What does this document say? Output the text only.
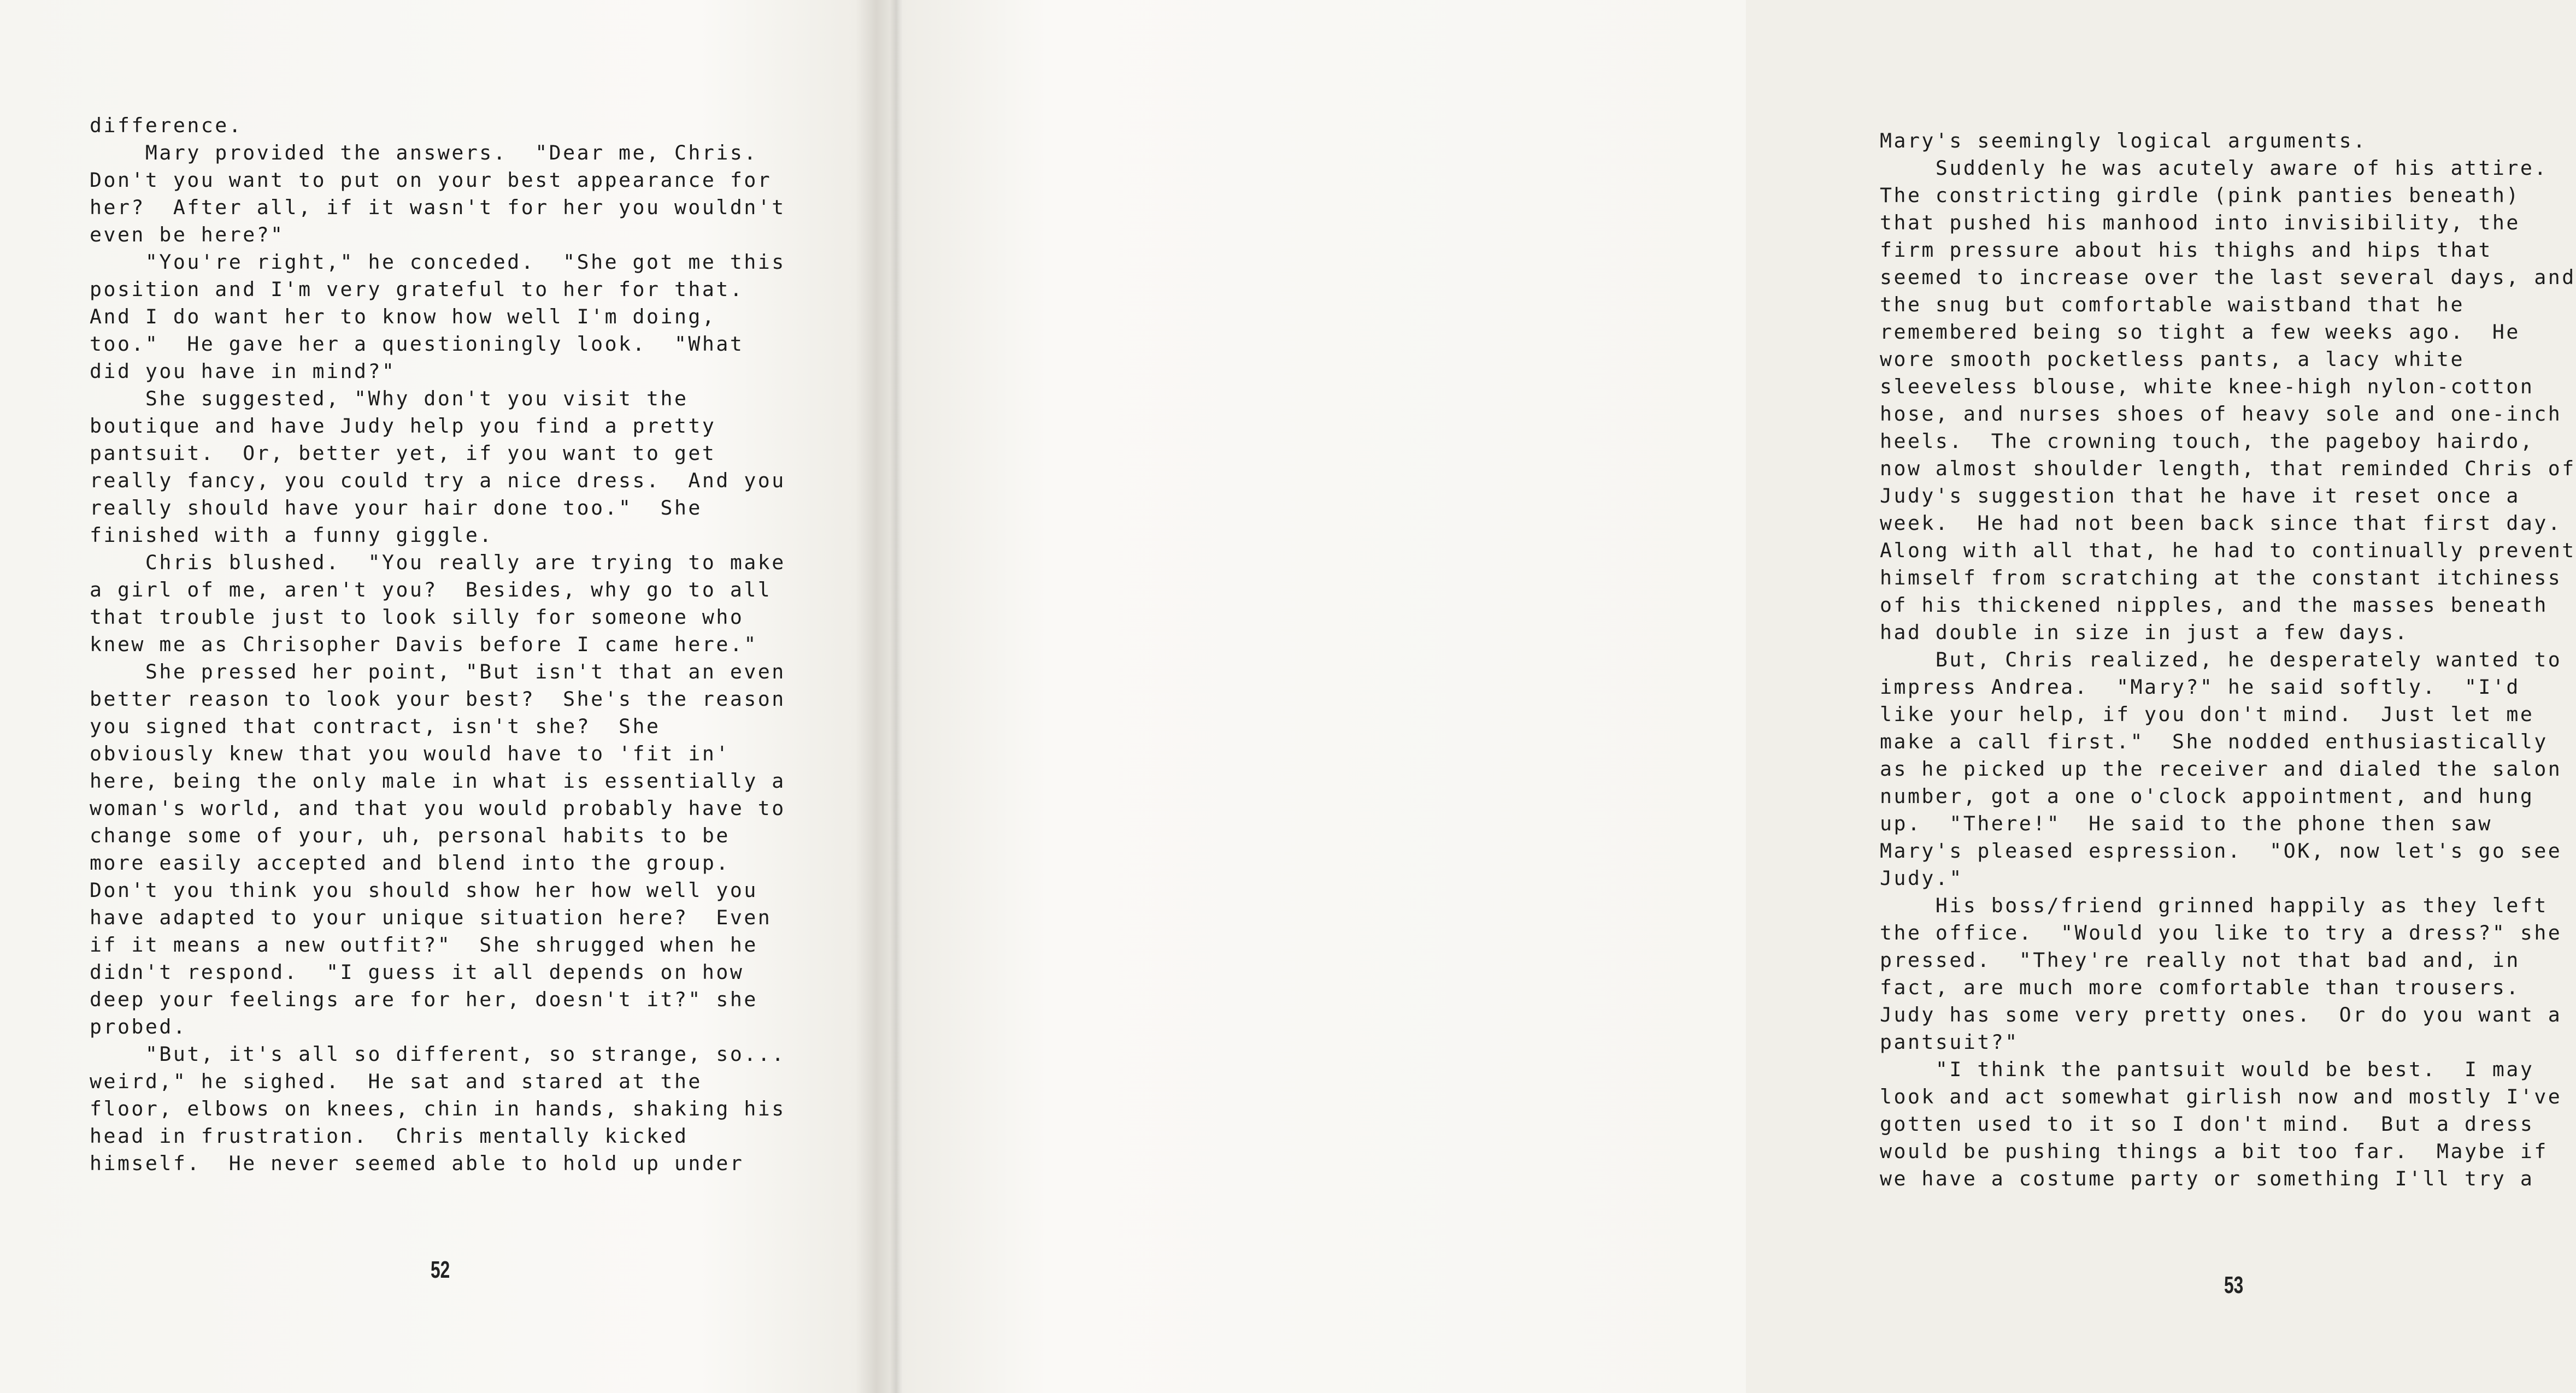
difference.
Mary provided the answers.  "Dear me, Chris.
Don't you want to put on your best appearance for
her?  After all, if it wasn't for her you wouldn't
even be here?"
"You're right," he conceded.  "She got me this
position and I'm very grateful to her for that.
And I do want her to know how well I'm doing,
too."  He gave her a questioningly look.  "What
did you have in mind?"
She suggested, "Why don't you visit the
boutique and have Judy help you find a pretty
pantsuit.  Or, better yet, if you want to get
really fancy, you could try a nice dress.  And you
really should have your hair done too."  She
finished with a funny giggle.
Chris blushed.  "You really are trying to make
a girl of me, aren't you?  Besides, why go to all
that trouble just to look silly for someone who
knew me as Chrisopher Davis before I came here."
She pressed her point, "But isn't that an even
better reason to look your best?  She's the reason
you signed that contract, isn't she?  She
obviously knew that you would have to 'fit in'
here, being the only male in what is essentially a
woman's world, and that you would probably have to
change some of your, uh, personal habits to be
more easily accepted and blend into the group.
Don't you think you should show her how well you
have adapted to your unique situation here?  Even
if it means a new outfit?"  She shrugged when he
didn't respond.  "I guess it all depends on how
deep your feelings are for her, doesn't it?" she
probed.
"But, it's all so different, so strange, so...
weird," he sighed.  He sat and stared at the
floor, elbows on knees, chin in hands, shaking his
head in frustration.  Chris mentally kicked
himself.  He never seemed able to hold up under
52
Mary's seemingly logical arguments.
Suddenly he was acutely aware of his attire.
The constricting girdle (pink panties beneath)
that pushed his manhood into invisibility, the
firm pressure about his thighs and hips that
seemed to increase over the last several days, and
the snug but comfortable waistband that he
remembered being so tight a few weeks ago.  He
wore smooth pocketless pants, a lacy white
sleeveless blouse, white knee-high nylon-cotton
hose, and nurses shoes of heavy sole and one-inch
heels.  The crowning touch, the pageboy hairdo,
now almost shoulder length, that reminded Chris of
Judy's suggestion that he have it reset once a
week.  He had not been back since that first day.
Along with all that, he had to continually prevent
himself from scratching at the constant itchiness
of his thickened nipples, and the masses beneath
had double in size in just a few days.
But, Chris realized, he desperately wanted to
impress Andrea.  "Mary?" he said softly.  "I'd
like your help, if you don't mind.  Just let me
make a call first."  She nodded enthusiastically
as he picked up the receiver and dialed the salon
number, got a one o'clock appointment, and hung
up.  "There!"  He said to the phone then saw
Mary's pleased espression.  "OK, now let's go see
Judy."
His boss/friend grinned happily as they left
the office.  "Would you like to try a dress?" she
pressed.  "They're really not that bad and, in
fact, are much more comfortable than trousers.
Judy has some very pretty ones.  Or do you want a
pantsuit?"
"I think the pantsuit would be best.  I may
look and act somewhat girlish now and mostly I've
gotten used to it so I don't mind.  But a dress
would be pushing things a bit too far.  Maybe if
we have a costume party or something I'll try a
53
